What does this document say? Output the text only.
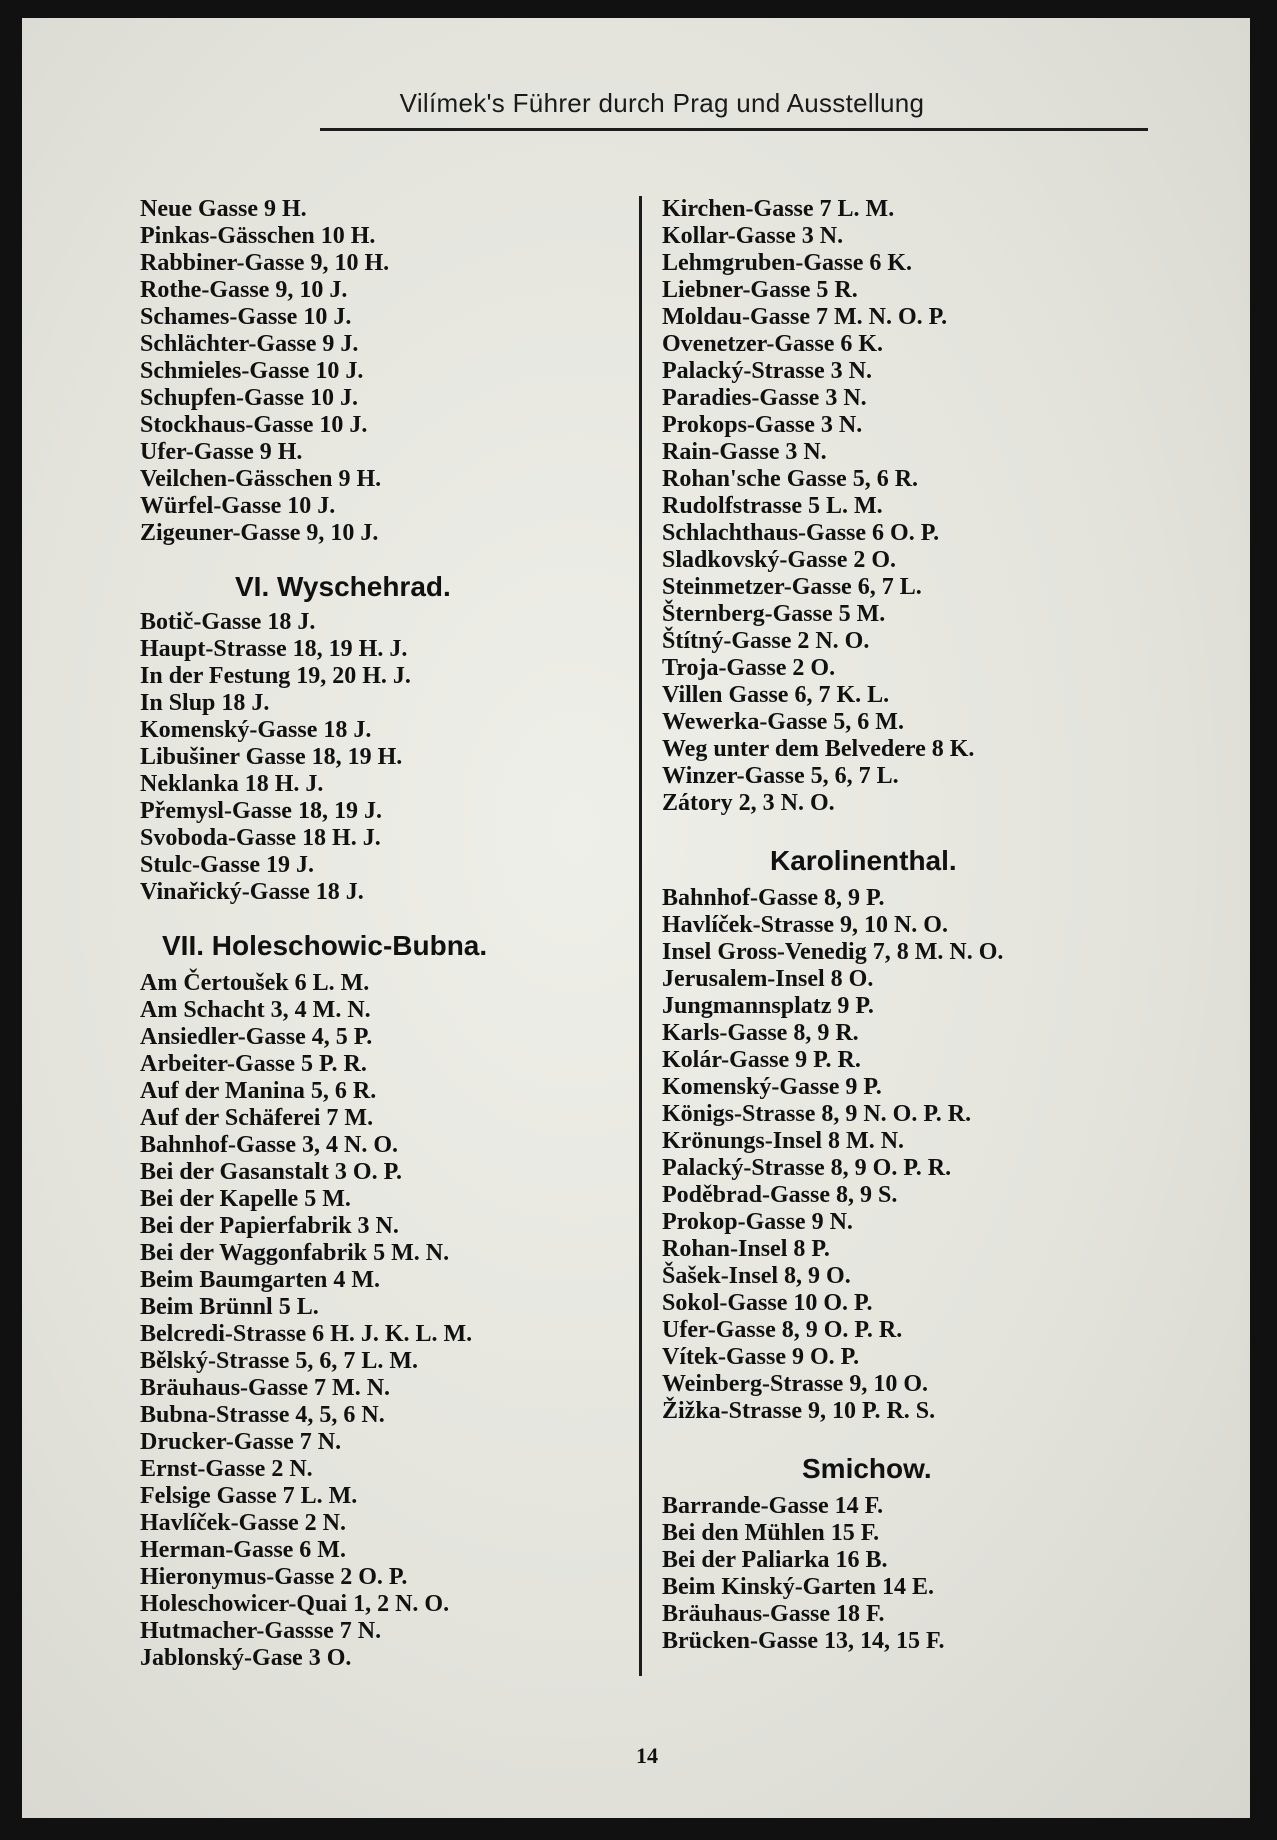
Vilímek's Führer durch Prag und Ausstellung
Neue Gasse 9 H.
Pinkas-Gässchen 10 H.
Rabbiner-Gasse 9, 10 H.
Rothe-Gasse 9, 10 J.
Schames-Gasse 10 J.
Schlächter-Gasse 9 J.
Schmieles-Gasse 10 J.
Schupfen-Gasse 10 J.
Stockhaus-Gasse 10 J.
Ufer-Gasse 9 H.
Veilchen-Gässchen 9 H.
Würfel-Gasse 10 J.
Zigeuner-Gasse 9, 10 J.
VI. Wyschehrad.
Botič-Gasse 18 J.
Haupt-Strasse 18, 19 H. J.
In der Festung 19, 20 H. J.
In Slup 18 J.
Komenský-Gasse 18 J.
Libušiner Gasse 18, 19 H.
Neklanka 18 H. J.
Přemysl-Gasse 18, 19 J.
Svoboda-Gasse 18 H. J.
Stulc-Gasse 19 J.
Vinařický-Gasse 18 J.
VII. Holeschowic-Bubna.
Am Čertoušek 6 L. M.
Am Schacht 3, 4 M. N.
Ansiedler-Gasse 4, 5 P.
Arbeiter-Gasse 5 P. R.
Auf der Manina 5, 6 R.
Auf der Schäferei 7 M.
Bahnhof-Gasse 3, 4 N. O.
Bei der Gasanstalt 3 O. P.
Bei der Kapelle 5 M.
Bei der Papierfabrik 3 N.
Bei der Waggonfabrik 5 M. N.
Beim Baumgarten 4 M.
Beim Brünnl 5 L.
Belcredi-Strasse 6 H. J. K. L. M.
Bělský-Strasse 5, 6, 7 L. M.
Bräuhaus-Gasse 7 M. N.
Bubna-Strasse 4, 5, 6 N.
Drucker-Gasse 7 N.
Ernst-Gasse 2 N.
Felsige Gasse 7 L. M.
Havlíček-Gasse 2 N.
Herman-Gasse 6 M.
Hieronymus-Gasse 2 O. P.
Holeschowicer-Quai 1, 2 N. O.
Hutmacher-Gassse 7 N.
Jablonský-Gase 3 O.
Kirchen-Gasse 7 L. M.
Kollar-Gasse 3 N.
Lehmgruben-Gasse 6 K.
Liebner-Gasse 5 R.
Moldau-Gasse 7 M. N. O. P.
Ovenetzer-Gasse 6 K.
Palacký-Strasse 3 N.
Paradies-Gasse 3 N.
Prokops-Gasse 3 N.
Rain-Gasse 3 N.
Rohan'sche Gasse 5, 6 R.
Rudolfstrasse 5 L. M.
Schlachthaus-Gasse 6 O. P.
Sladkovský-Gasse 2 O.
Steinmetzer-Gasse 6, 7 L.
Šternberg-Gasse 5 M.
Štítný-Gasse 2 N. O.
Troja-Gasse 2 O.
Villen Gasse 6, 7 K. L.
Wewerka-Gasse 5, 6 M.
Weg unter dem Belvedere 8 K.
Winzer-Gasse 5, 6, 7 L.
Zátory 2, 3 N. O.
Karolinenthal.
Bahnhof-Gasse 8, 9 P.
Havlíček-Strasse 9, 10 N. O.
Insel Gross-Venedig 7, 8 M. N. O.
Jerusalem-Insel 8 O.
Jungmannsplatz 9 P.
Karls-Gasse 8, 9 R.
Kolár-Gasse 9 P. R.
Komenský-Gasse 9 P.
Königs-Strasse 8, 9 N. O. P. R.
Krönungs-Insel 8 M. N.
Palacký-Strasse 8, 9 O. P. R.
Poděbrad-Gasse 8, 9 S.
Prokop-Gasse 9 N.
Rohan-Insel 8 P.
Šašek-Insel 8, 9 O.
Sokol-Gasse 10 O. P.
Ufer-Gasse 8, 9 O. P. R.
Vítek-Gasse 9 O. P.
Weinberg-Strasse 9, 10 O.
Žižka-Strasse 9, 10 P. R. S.
Smichow.
Barrande-Gasse 14 F.
Bei den Mühlen 15 F.
Bei der Paliarka 16 B.
Beim Kinský-Garten 14 E.
Bräuhaus-Gasse 18 F.
Brücken-Gasse 13, 14, 15 F.
14
